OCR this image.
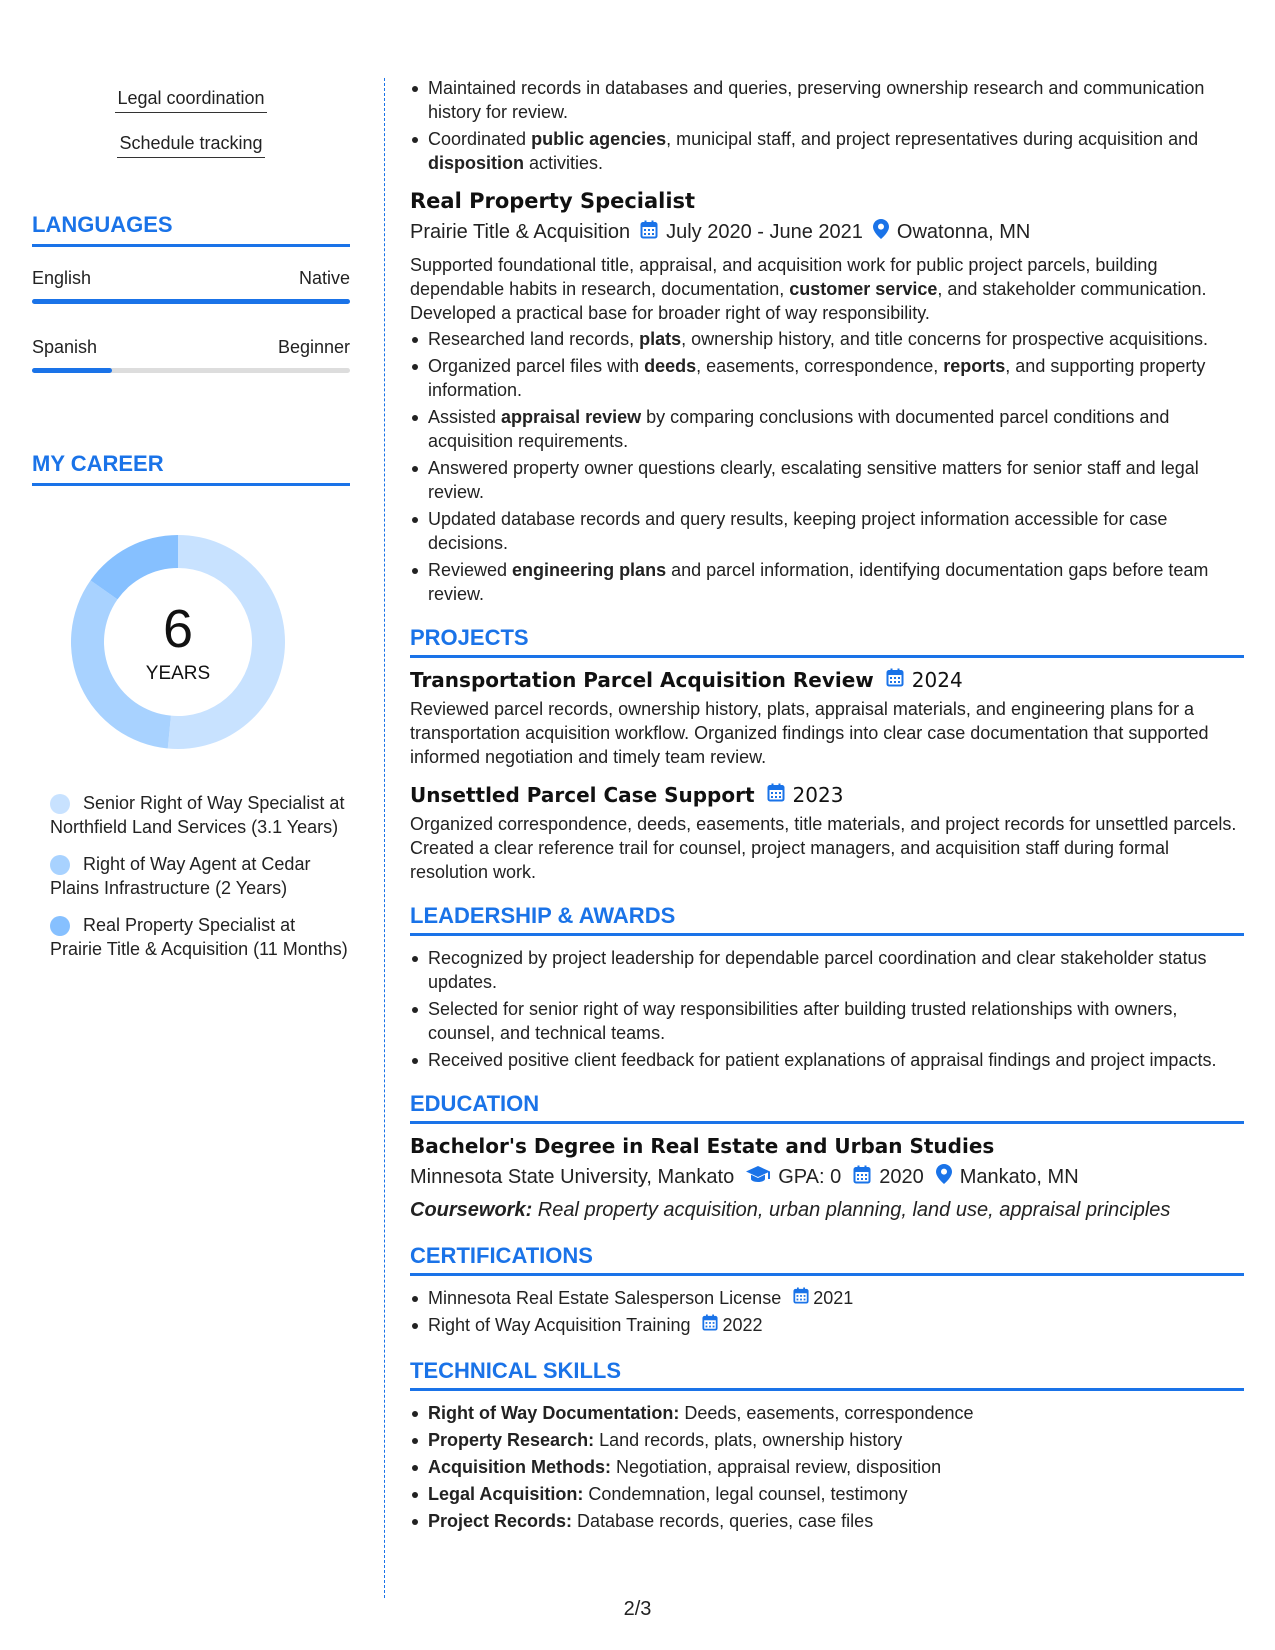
Legal coordination
Schedule tracking
LANGUAGES
English	Native
Spanish	Beginner
MY CAREER
6
YEARS
Senior Right of Way Specialist at Northfield Land Services (3.1 Years)
Right of Way Agent at Cedar Plains Infrastructure (2 Years)
Real Property Specialist at Prairie Title & Acquisition (11 Months)
Maintained records in databases and queries, preserving ownership research and communication history for review.
Coordinated public agencies, municipal staff, and project representatives during acquisition and disposition activities.
Real Property Specialist
Prairie Title & Acquisition July 2020 - June 2021 Owatonna, MN

Supported foundational title, appraisal, and acquisition work for public project parcels, building dependable habits in research, documentation, customer service, and stakeholder communication. Developed a practical base for broader right of way responsibility.

Researched land records, plats, ownership history, and title concerns for prospective acquisitions.
Organized parcel files with deeds, easements, correspondence, reports, and supporting property information.
Assisted appraisal review by comparing conclusions with documented parcel conditions and acquisition requirements.
Answered property owner questions clearly, escalating sensitive matters for senior staff and legal review.
Updated database records and query results, keeping project information accessible for case decisions.
Reviewed engineering plans and parcel information, identifying documentation gaps before team review.
PROJECTS
Transportation Parcel Acquisition Review 2024

Reviewed parcel records, ownership history, plats, appraisal materials, and engineering plans for a transportation acquisition workflow. Organized findings into clear case documentation that supported informed negotiation and timely team review.

Unsettled Parcel Case Support 2023

Organized correspondence, deeds, easements, title materials, and project records for unsettled parcels. Created a clear reference trail for counsel, project managers, and acquisition staff during formal resolution work.

LEADERSHIP & AWARDS
Recognized by project leadership for dependable parcel coordination and clear stakeholder status updates.
Selected for senior right of way responsibilities after building trusted relationships with owners, counsel, and technical teams.
Received positive client feedback for patient explanations of appraisal findings and project impacts.
EDUCATION
Bachelor's Degree in Real Estate and Urban Studies
Minnesota State University, Mankato GPA: 0 2020 Mankato, MN
Coursework: Real property acquisition, urban planning, land use, appraisal principles
CERTIFICATIONS
Minnesota Real Estate Salesperson License 2021
Right of Way Acquisition Training 2022
TECHNICAL SKILLS
Right of Way Documentation: Deeds, easements, correspondence
Property Research: Land records, plats, ownership history
Acquisition Methods: Negotiation, appraisal review, disposition
Legal Acquisition: Condemnation, legal counsel, testimony
Project Records: Database records, queries, case files
2/3
